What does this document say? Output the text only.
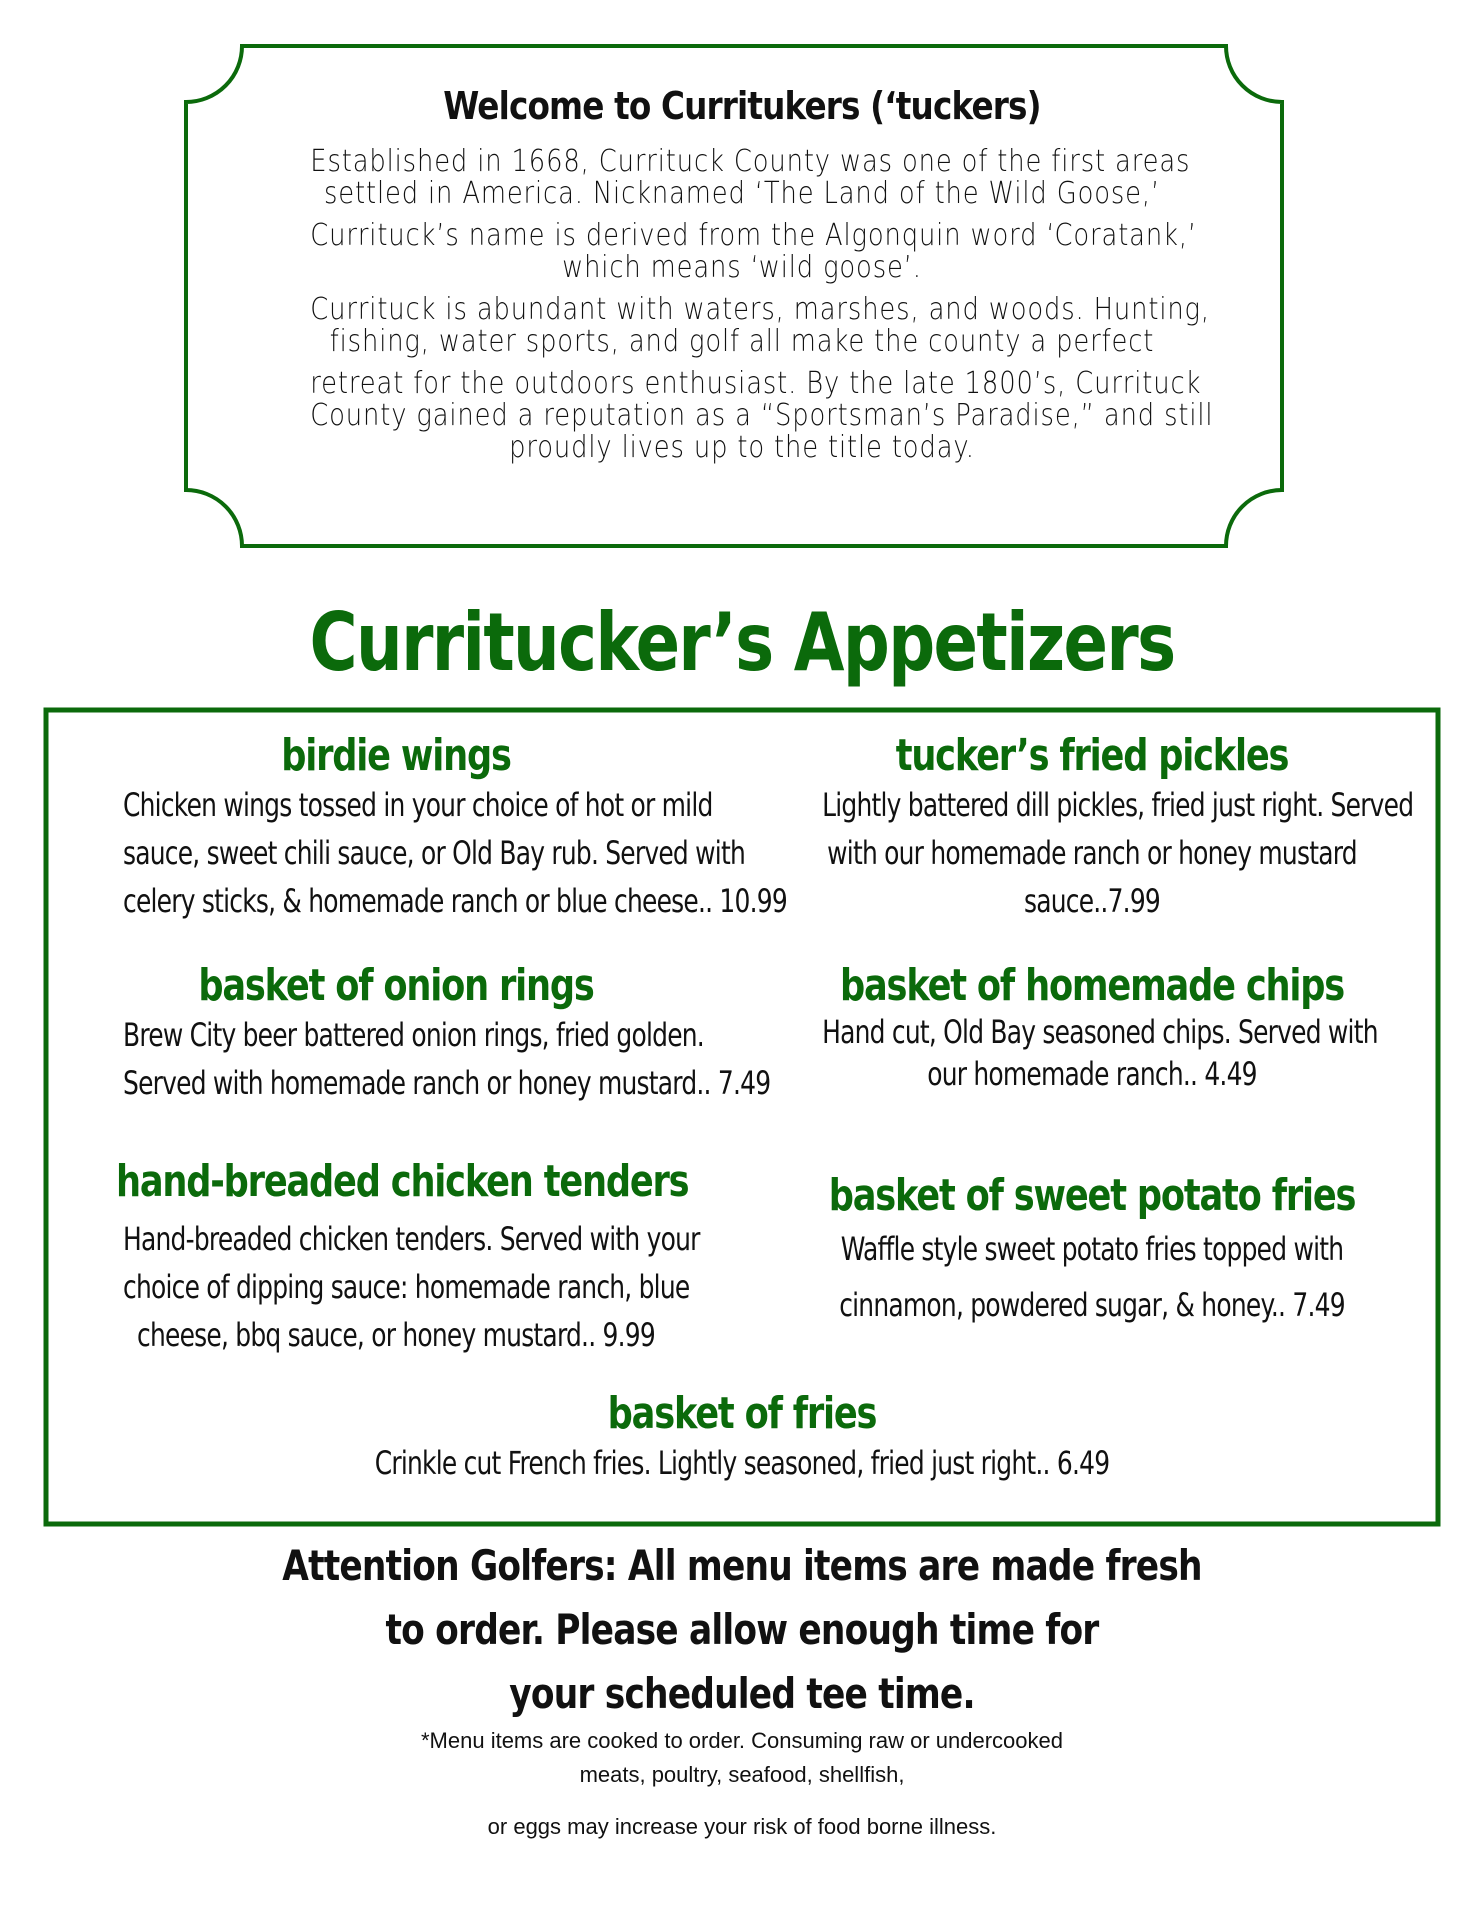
Welcome to Curritukers (‘tuckers)

Established in 1668, Currituck County was one of the first areas

settled in America. Nicknamed ‘The Land of the Wild Goose,’

Currituck’s name is derived from the Algonquin word ‘Coratank,’

which means ‘wild goose’.

Currituck is abundant with waters, marshes, and woods. Hunting,

fishing, water sports, and golf all make the county a perfect

retreat for the outdoors enthusiast. By the late 1800’s, Currituck

County gained a reputation as a “Sportsman’s Paradise,” and still

proudly lives up to the title today.

Curritucker’s Appetizers
birdie wings

Chicken wings tossed in your choice of hot or mild

sauce, sweet chili sauce, or Old Bay rub. Served with

celery sticks, & homemade ranch or blue cheese.. 10.99

tucker’s fried pickles

Lightly battered dill pickles, fried just right. Served

with our homemade ranch or honey mustard

sauce..7.99

basket of onion rings

Brew City beer battered onion rings, fried golden.

Served with homemade ranch or honey mustard.. 7.49

basket of homemade chips

Hand cut, Old Bay seasoned chips. Served with

our homemade ranch.. 4.49

hand-breaded chicken tenders

Hand-breaded chicken tenders. Served with your

choice of dipping sauce: homemade ranch, blue

cheese, bbq sauce, or honey mustard.. 9.99

basket of sweet potato fries

Waffle style sweet potato fries topped with

cinnamon, powdered sugar, & honey.. 7.49

basket of fries

Crinkle cut French fries. Lightly seasoned, fried just right.. 6.49

Attention Golfers: All menu items are made fresh
to order. Please allow enough time for
your scheduled tee time.
*Menu items are cooked to order. Consuming raw or undercooked
meats, poultry, seafood, shellfish,
or eggs may increase your risk of food borne illness.
